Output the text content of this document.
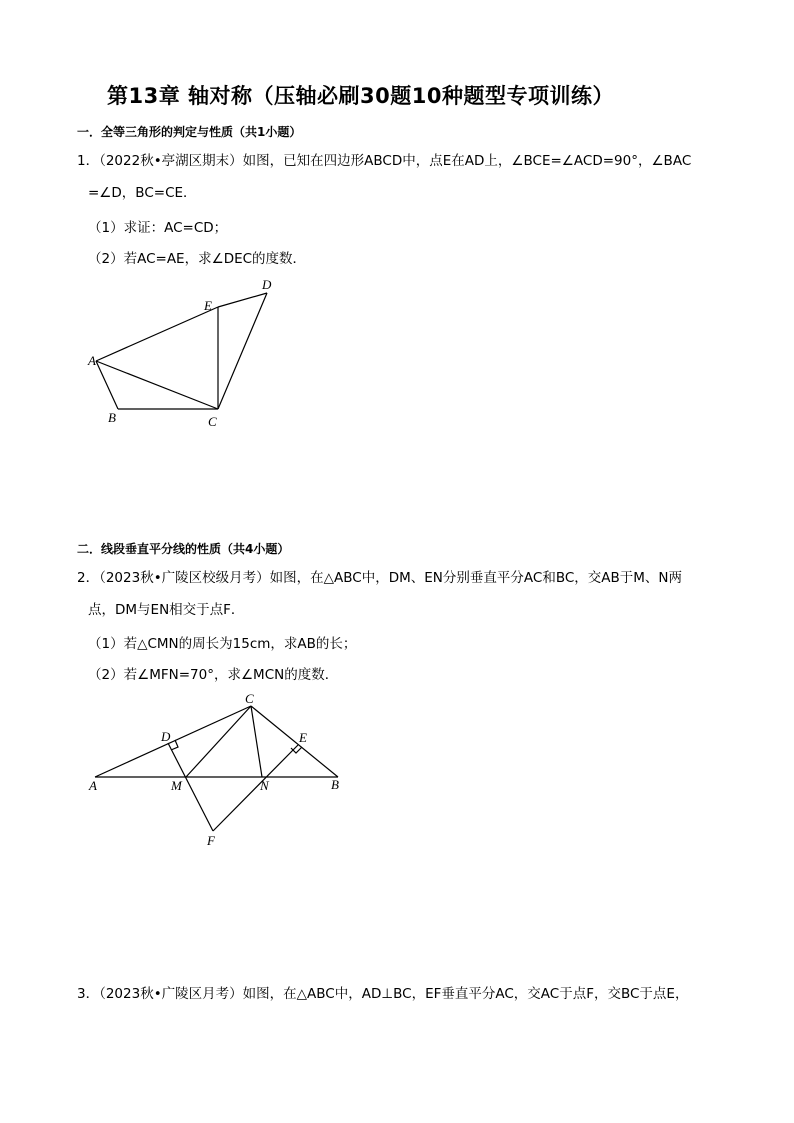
第13章 轴对称（压轴必刷30题10种题型专项训练）
一．全等三角形的判定与性质（共1小题）
1．（2022秋•亭湖区期末）如图，已知在四边形ABCD中，点E在AD上，∠BCE=∠ACD=90°，∠BAC
=∠D，BC=CE．
（1）求证：AC=CD；
（2）若AC=AE，求∠DEC的度数．
A
B	C
D
E
二．线段垂直平分线的性质（共4小题）
2．（2023秋•广陵区校级月考）如图，在△ABC中，DM、EN分别垂直平分AC和BC，交AB于M、N两
点，DM与EN相交于点F．
（1）若△CMN的周长为15cm，求AB的长；
（2）若∠MFN=70°，求∠MCN的度数．
A	B
C
D	E
M	N
F
3．（2023秋•广陵区月考）如图，在△ABC中，AD⊥BC，EF垂直平分AC，交AC于点F，交BC于点E，
